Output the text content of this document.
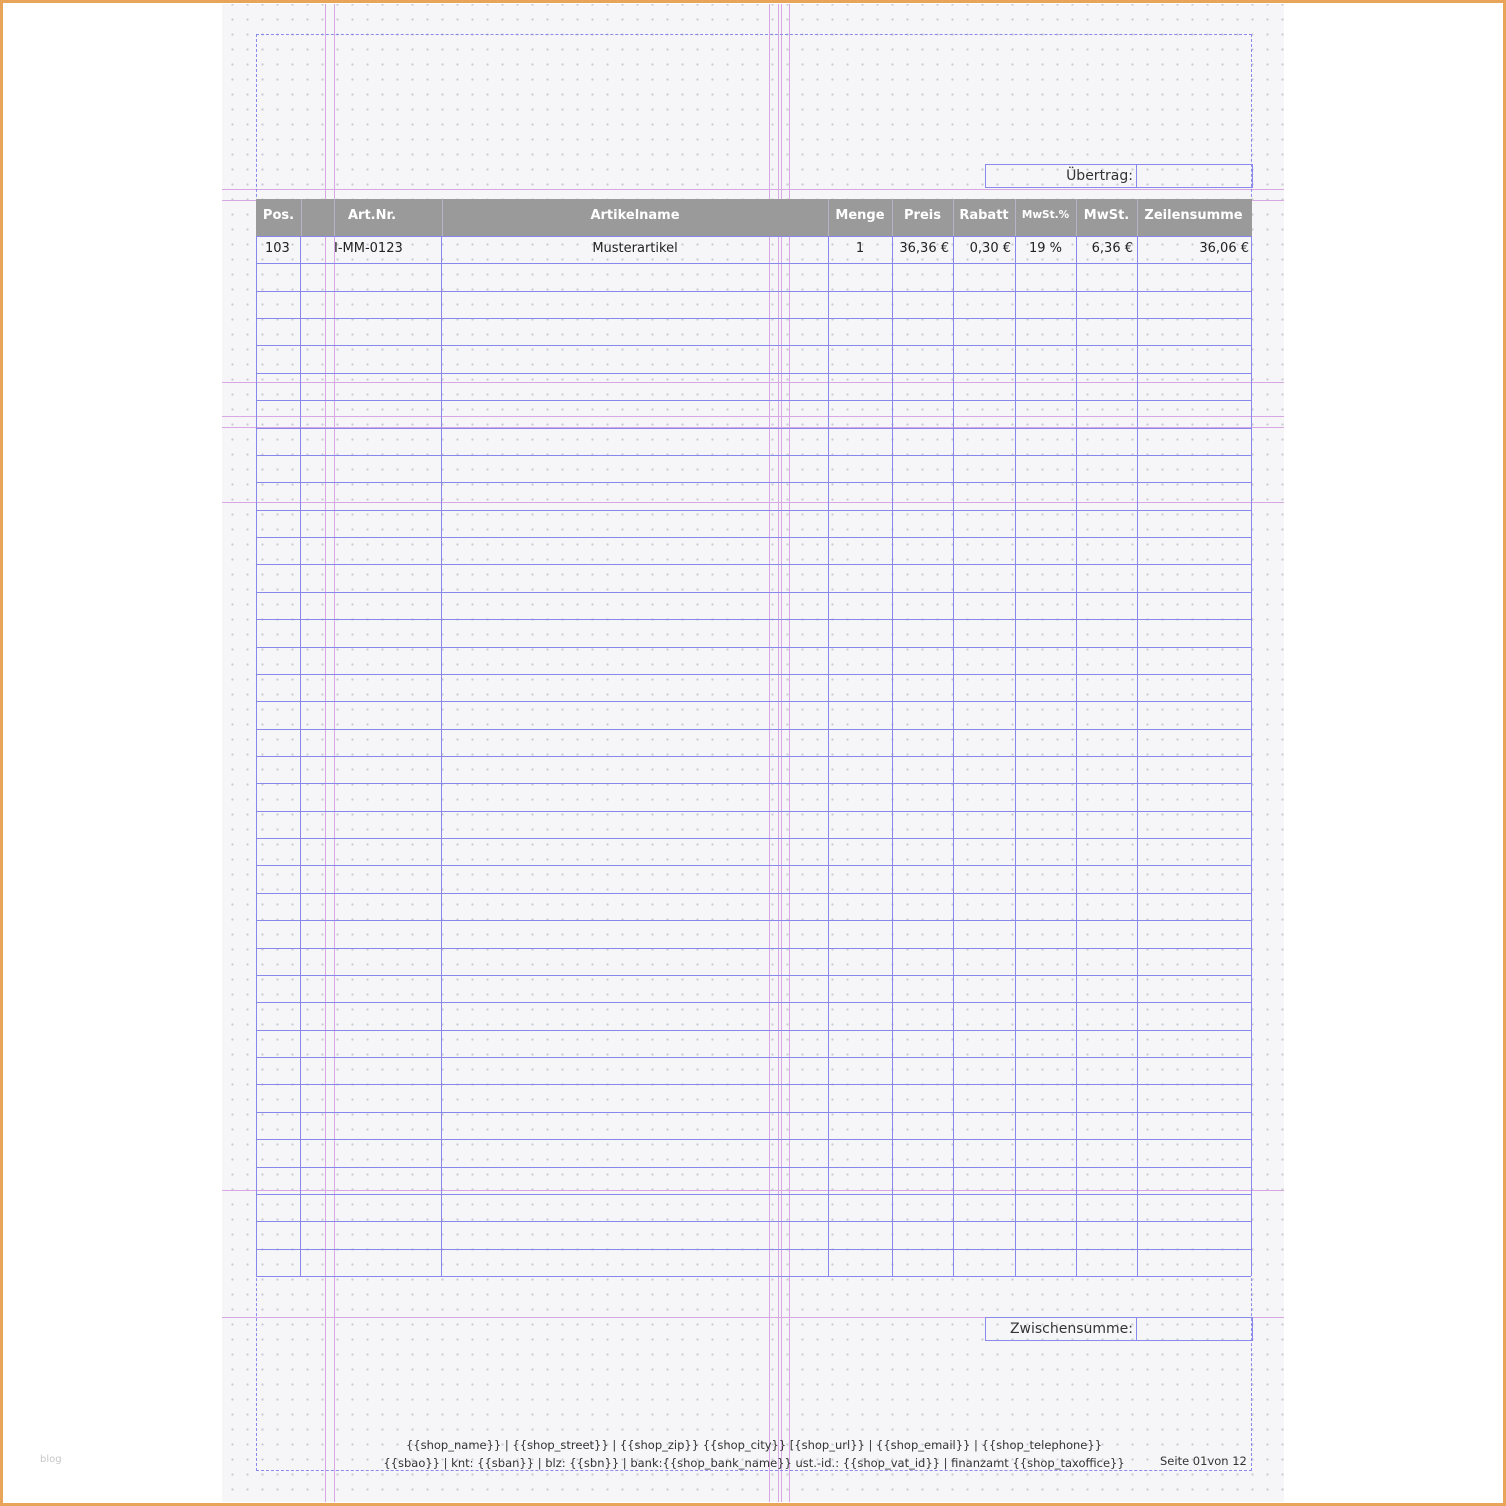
Übertrag:
Pos.	Art.Nr.	Artikelname	Menge	Preis	Rabatt	MwSt.%	MwSt.	Zeilensumme
103	I-MM-0123	Musterartikel	1	36,36 €	0,30 €	19 %	6,36 €	36,06 €
Zwischensumme:
{{shop_name}} | {{shop_street}} | {{shop_zip}} {{shop_city}} [{shop_url}} | {{shop_email}} | {{shop_telephone}}
{{sbao}} | knt: {{sban}} | blz: {{sbn}} | bank:{{shop_bank_name}} ust.-id.: {{shop_vat_id}} | finanzamt {{shop_taxoffice}}	Seite 01von 12
blog
